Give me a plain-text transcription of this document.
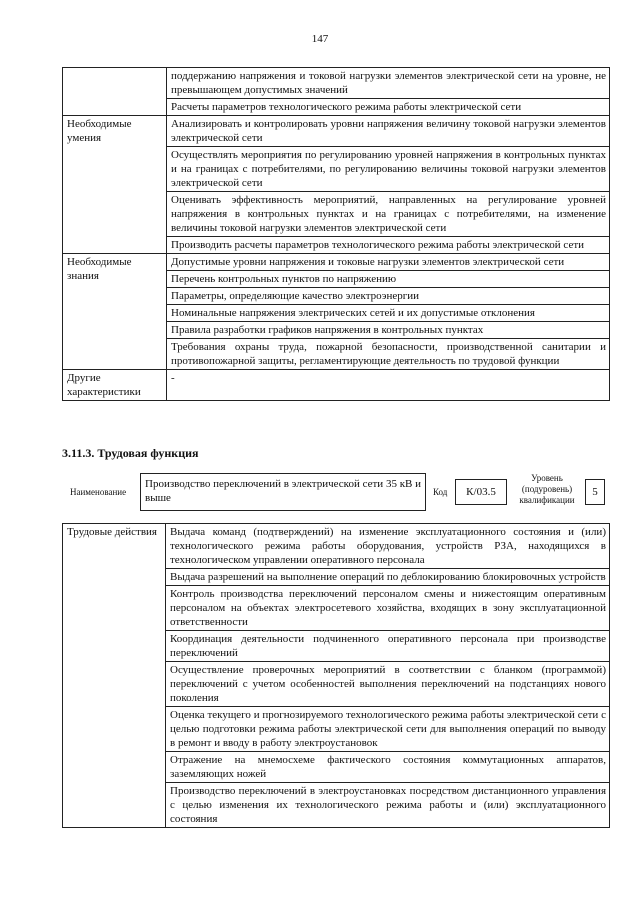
147
	поддержанию напряжения и токовой нагрузки элементов электрической сети на уровне, не превышающем допустимых значений
	Расчеты параметров технологического режима работы электрической сети
Необходимые умения	Анализировать и контролировать уровни напряжения величину токовой нагрузки элементов электрической сети
	Осуществлять мероприятия по регулированию уровней напряжения в контрольных пунктах и на границах с потребителями, по регулированию величины токовой нагрузки элементов электрической сети
	Оценивать эффективность мероприятий, направленных на регулирование уровней напряжения в контрольных пунктах и на границах с потребителями, на изменение величины токовой нагрузки элементов электрической сети
	Производить расчеты параметров технологического режима работы электрической сети
Необходимые знания	Допустимые уровни напряжения и токовые нагрузки элементов электрической сети
	Перечень контрольных пунктов по напряжению
	Параметры, определяющие качество электроэнергии
	Номинальные напряжения электрических сетей и их допустимые отклонения
	Правила разработки графиков напряжения в контрольных пунктах
	Требования охраны труда, пожарной безопасности, производственной санитарии и противопожарной защиты, регламентирующие деятельность по трудовой функции
Другие характеристики	-
3.11.3. Трудовая функция
Наименование
Производство переключений в электрической сети 35 кВ и выше	Код	К/03.5
Уровень (подуровень) квалификации
5
Трудовые действия	Выдача команд (подтверждений) на изменение эксплуатационного состояния и (или) технологического режима работы оборудования, устройств РЗА, находящихся в технологическом управлении оперативного персонала
Выдача разрешений на выполнение операций по деблокированию блокировочных устройств
Контроль производства переключений персоналом смены и нижестоящим оперативным персоналом на объектах электросетевого хозяйства, входящих в зону эксплуатационной ответственности
Координация деятельности подчиненного оперативного персонала при производстве переключений
Осуществление проверочных мероприятий в соответствии с бланком (программой) переключений с учетом особенностей выполнения переключений на подстанциях нового поколения
Оценка текущего и прогнозируемого технологического режима работы электрической сети с целью подготовки режима работы электрической сети для выполнения операций по выводу в ремонт и вводу в работу электроустановок
Отражение на мнемосхеме фактического состояния коммутационных аппаратов, заземляющих ножей
Производство переключений в электроустановках посредством дистанционного управления с целью изменения их технологического режима работы и (или) эксплуатационного состояния
